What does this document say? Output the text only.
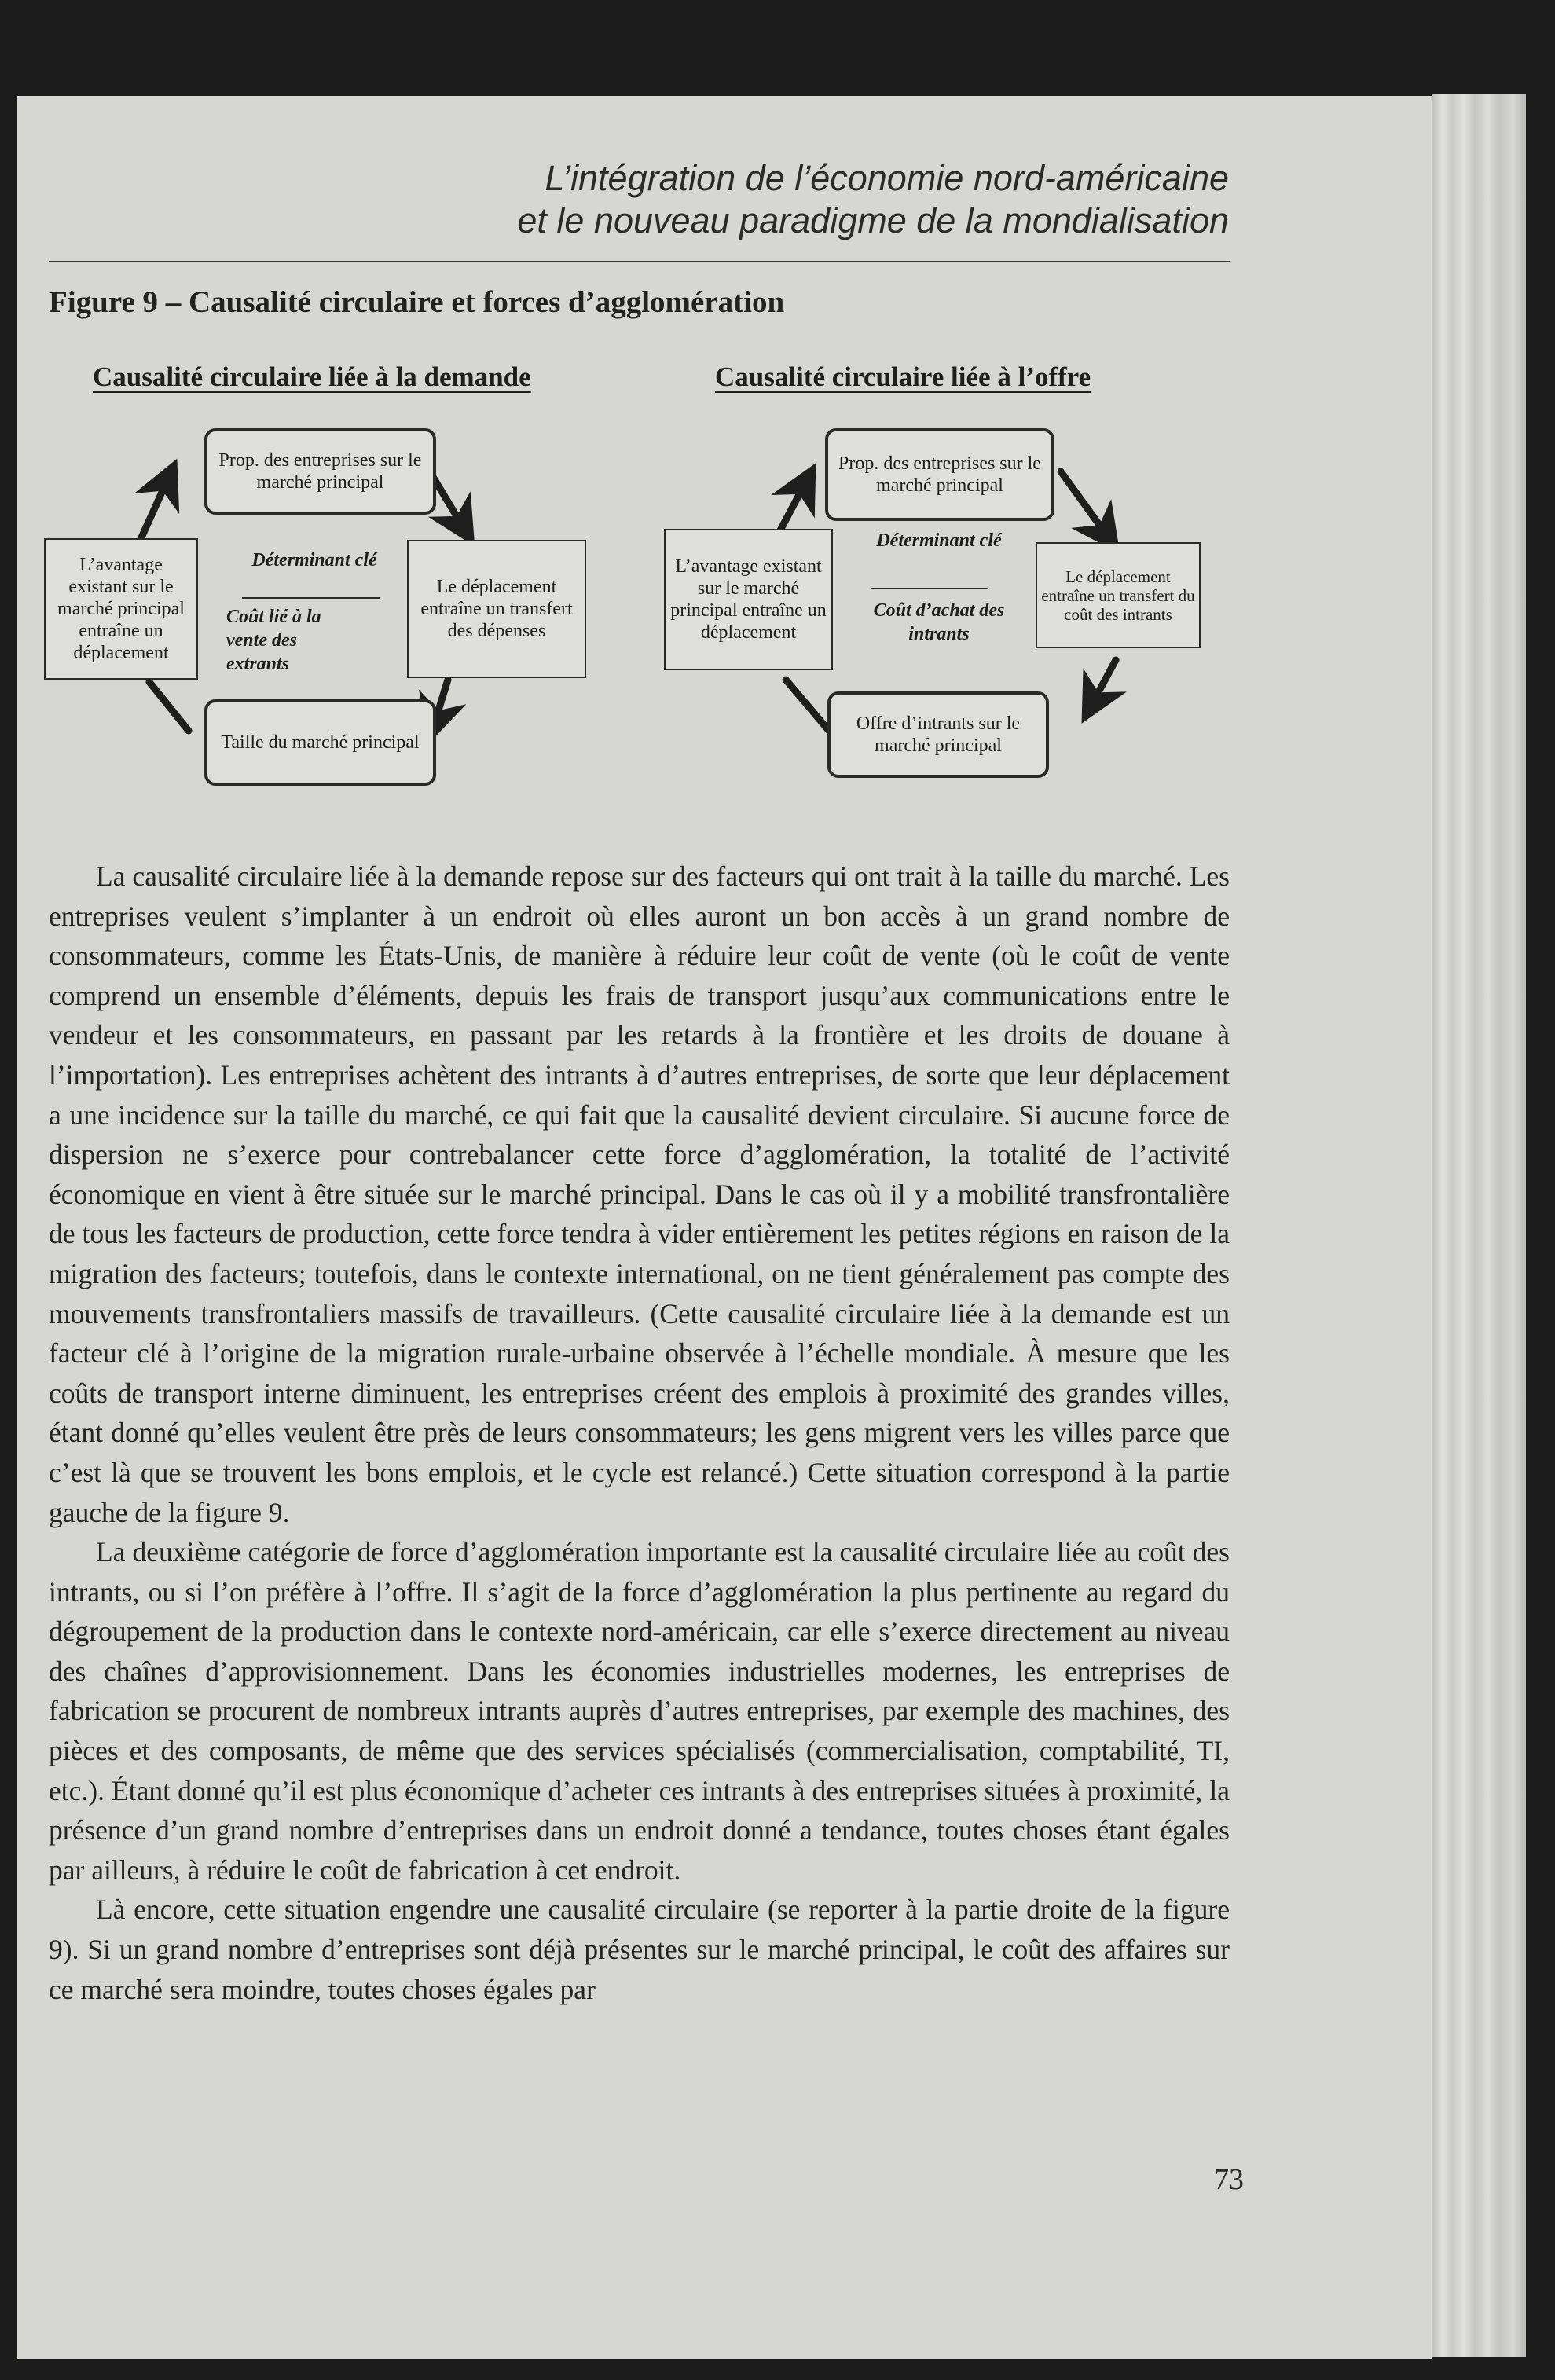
L’intégration de l’économie nord-américaine
et le nouveau paradigme de la mondialisation
Figure 9 – Causalité circulaire et forces d’agglomération
Causalité circulaire liée à la demande
Prop. des entreprises sur le marché principal
L’avantage existant sur le marché principal entraîne un déplacement
Le déplacement entraîne un transfert des dépenses
Taille du marché principal
Déterminant clé
Coût lié à la vente des extrants
Causalité circulaire liée à l’offre
Prop. des entreprises sur le marché principal
L’avantage existant sur le marché principal entraîne un déplacement
Le déplacement entraîne un transfert du coût des intrants
Offre d’intrants sur le marché principal
Déterminant clé
Coût d’achat des intrants

La causalité circulaire liée à la demande repose sur des facteurs qui ont trait à la taille du marché. Les entreprises veulent s’implanter à un endroit où elles auront un bon accès à un grand nombre de consommateurs, comme les États-Unis, de manière à réduire leur coût de vente (où le coût de vente comprend un ensemble d’éléments, depuis les frais de transport jusqu’aux communications entre le vendeur et les consommateurs, en passant par les retards à la frontière et les droits de douane à l’importation). Les entreprises achètent des intrants à d’autres entreprises, de sorte que leur déplacement a une incidence sur la taille du marché, ce qui fait que la causalité devient circulaire. Si aucune force de dispersion ne s’exerce pour contrebalancer cette force d’agglomération, la totalité de l’activité économique en vient à être située sur le marché principal. Dans le cas où il y a mobilité transfrontalière de tous les facteurs de production, cette force tendra à vider entièrement les petites régions en raison de la migration des facteurs; toutefois, dans le contexte international, on ne tient généralement pas compte des mouvements transfrontaliers massifs de travailleurs. (Cette causalité circulaire liée à la demande est un facteur clé à l’origine de la migration rurale-urbaine observée à l’échelle mondiale. À mesure que les coûts de transport interne diminuent, les entreprises créent des emplois à proximité des grandes villes, étant donné qu’elles veulent être près de leurs consommateurs; les gens migrent vers les villes parce que c’est là que se trouvent les bons emplois, et le cycle est relancé.) Cette situation correspond à la partie gauche de la figure 9.

La deuxième catégorie de force d’agglomération importante est la causalité circulaire liée au coût des intrants, ou si l’on préfère à l’offre. Il s’agit de la force d’agglomération la plus pertinente au regard du dégroupement de la production dans le contexte nord-américain, car elle s’exerce directement au niveau des chaînes d’approvisionnement. Dans les économies industrielles modernes, les entreprises de fabrication se procurent de nombreux intrants auprès d’autres entreprises, par exemple des machines, des pièces et des composants, de même que des services spécialisés (commercialisation, comptabilité, TI, etc.). Étant donné qu’il est plus économique d’acheter ces intrants à des entreprises situées à proximité, la présence d’un grand nombre d’entreprises dans un endroit donné a tendance, toutes choses étant égales par ailleurs, à réduire le coût de fabrication à cet endroit.

Là encore, cette situation engendre une causalité circulaire (se reporter à la partie droite de la figure 9). Si un grand nombre d’entreprises sont déjà présentes sur le marché principal, le coût des affaires sur ce marché sera moindre, toutes choses égales par

73
